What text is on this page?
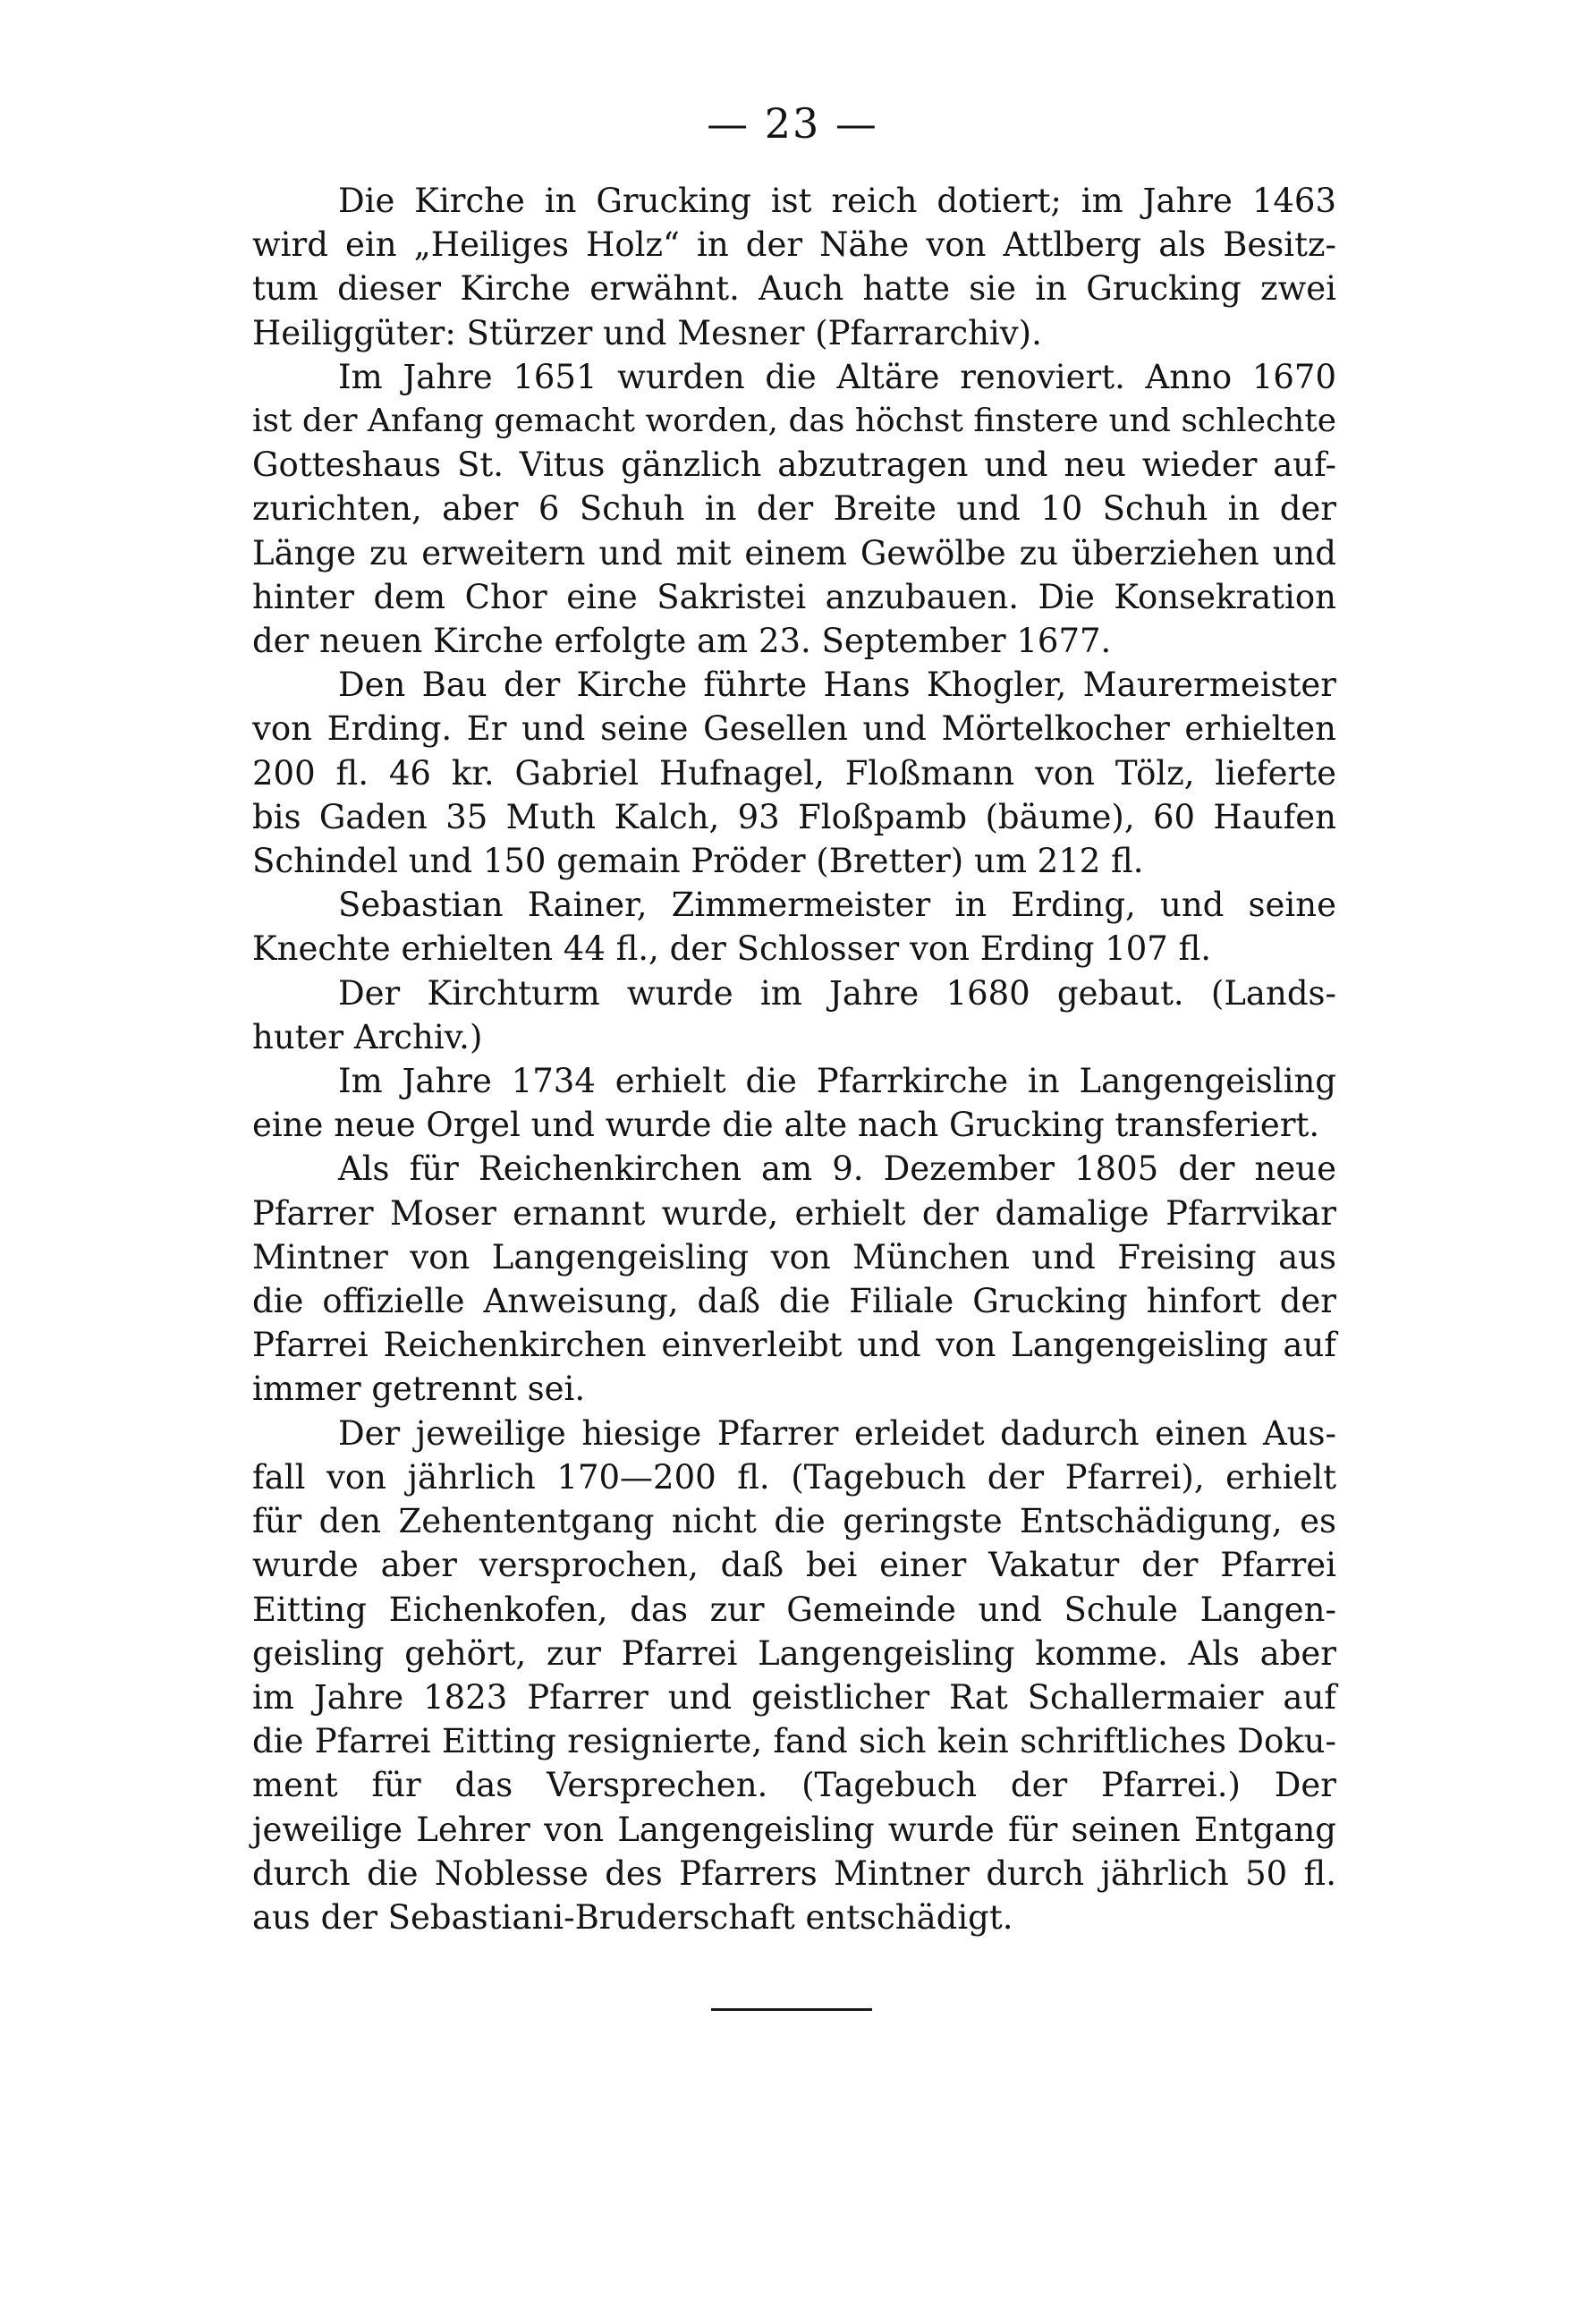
— 23 —

Die Kirche in Grucking ist reich dotiert; im Jahre 1463
wird ein „Heiliges Holz“ in der Nähe von Attlberg als Besitz-
tum dieser Kirche erwähnt. Auch hatte sie in Grucking zwei
Heiliggüter: Stürzer und Mesner (Pfarrarchiv).

Im Jahre 1651 wurden die Altäre renoviert. Anno 1670
ist der Anfang gemacht worden, das höchst finstere und schlechte
Gotteshaus St. Vitus gänzlich abzutragen und neu wieder auf-
zurichten, aber 6 Schuh in der Breite und 10 Schuh in der
Länge zu erweitern und mit einem Gewölbe zu überziehen und
hinter dem Chor eine Sakristei anzubauen. Die Konsekration
der neuen Kirche erfolgte am 23. September 1677.

Den Bau der Kirche führte Hans Khogler, Maurermeister
von Erding. Er und seine Gesellen und Mörtelkocher erhielten
200 fl. 46 kr. Gabriel Hufnagel, Floßmann von Tölz, lieferte
bis Gaden 35 Muth Kalch, 93 Floßpamb (bäume), 60 Haufen
Schindel und 150 gemain Pröder (Bretter) um 212 fl.

Sebastian Rainer, Zimmermeister in Erding, und seine
Knechte erhielten 44 fl., der Schlosser von Erding 107 fl.

Der Kirchturm wurde im Jahre 1680 gebaut. (Lands-
huter Archiv.)

Im Jahre 1734 erhielt die Pfarrkirche in Langengeisling
eine neue Orgel und wurde die alte nach Grucking transferiert.

Als für Reichenkirchen am 9. Dezember 1805 der neue
Pfarrer Moser ernannt wurde, erhielt der damalige Pfarrvikar
Mintner von Langengeisling von München und Freising aus
die offizielle Anweisung, daß die Filiale Grucking hinfort der
Pfarrei Reichenkirchen einverleibt und von Langengeisling auf
immer getrennt sei.

Der jeweilige hiesige Pfarrer erleidet dadurch einen Aus-
fall von jährlich 170—200 fl. (Tagebuch der Pfarrei), erhielt
für den Zehententgang nicht die geringste Entschädigung, es
wurde aber versprochen, daß bei einer Vakatur der Pfarrei
Eitting Eichenkofen, das zur Gemeinde und Schule Langen-
geisling gehört, zur Pfarrei Langengeisling komme. Als aber
im Jahre 1823 Pfarrer und geistlicher Rat Schallermaier auf
die Pfarrei Eitting resignierte, fand sich kein schriftliches Doku-
ment für das Versprechen. (Tagebuch der Pfarrei.) Der
jeweilige Lehrer von Langengeisling wurde für seinen Entgang
durch die Noblesse des Pfarrers Mintner durch jährlich 50 fl.
aus der Sebastiani-Bruderschaft entschädigt.
